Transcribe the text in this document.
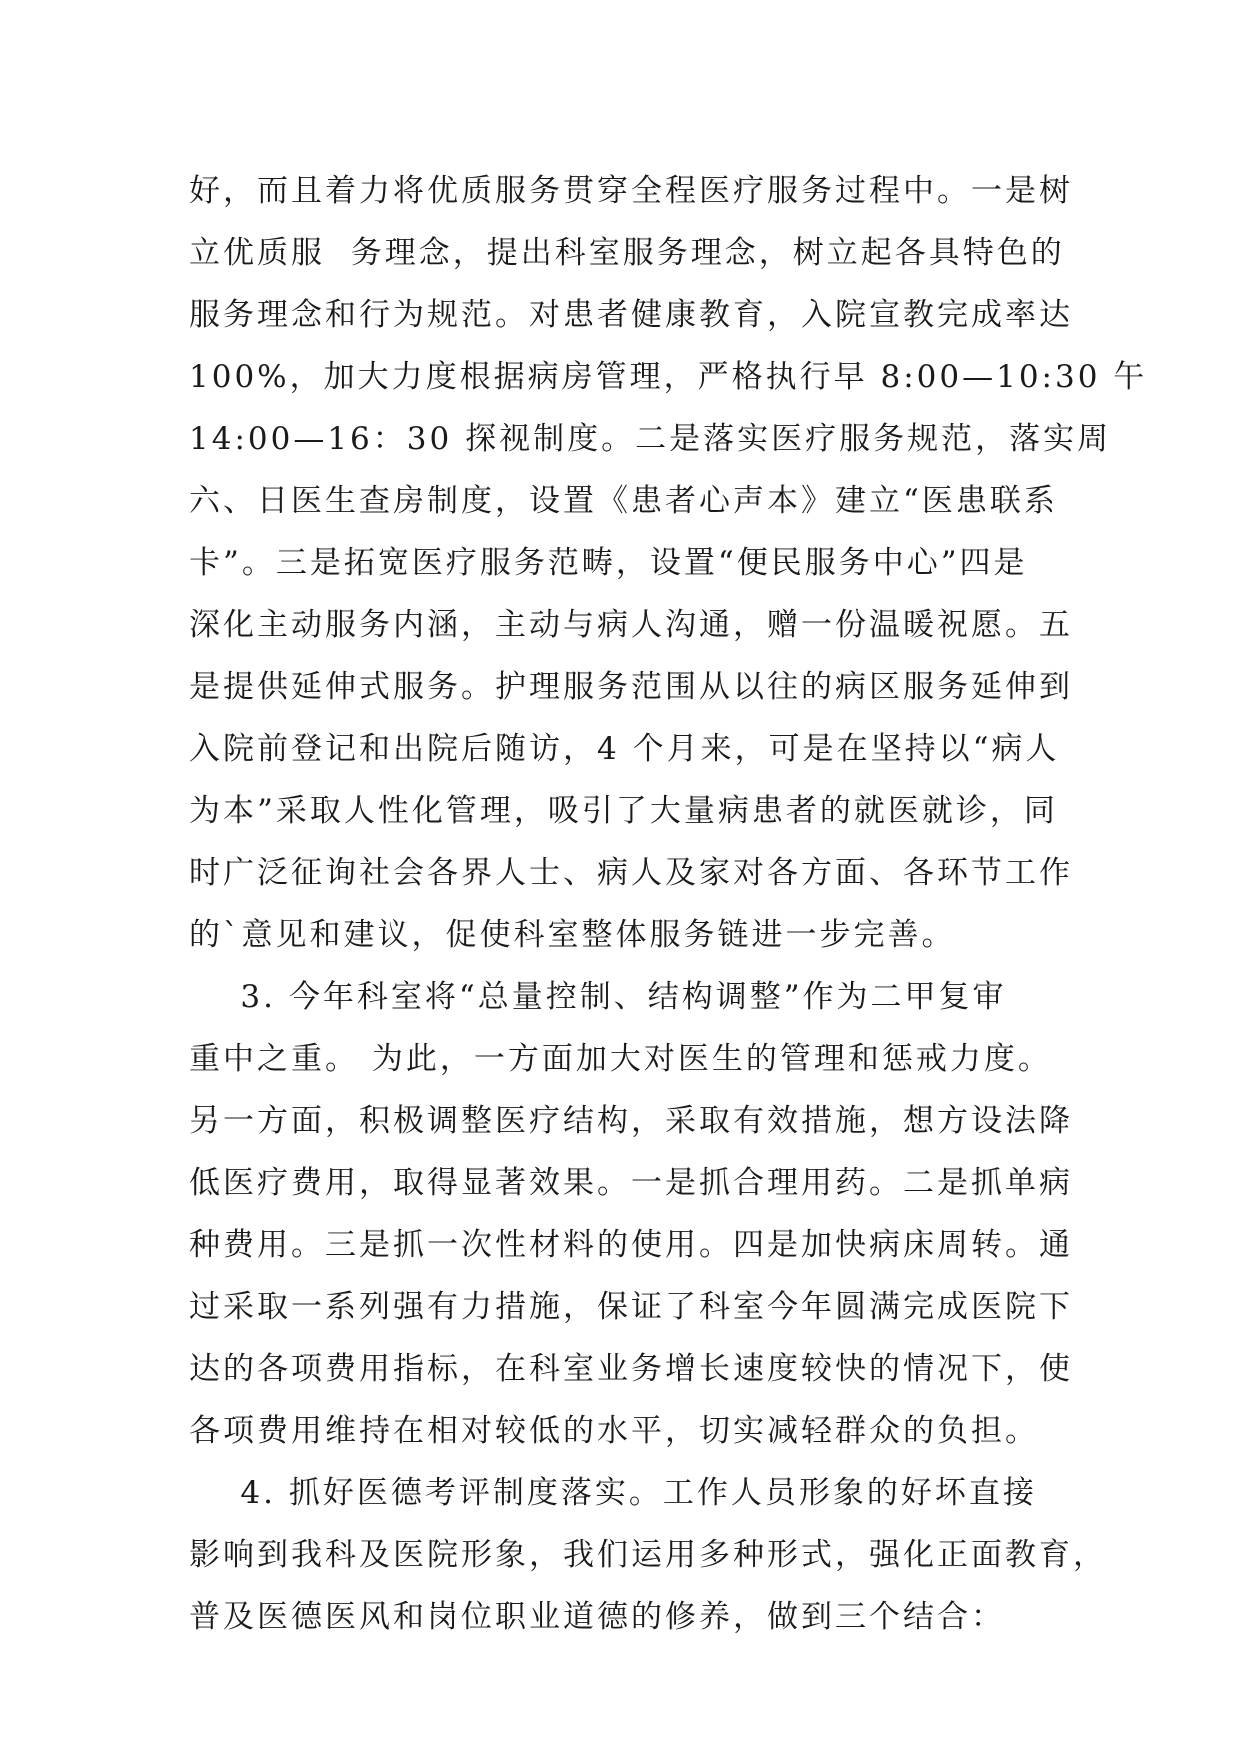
好，而且着力将优质服务贯穿全程医疗服务过程中。一是树
立优质服  务理念，提出科室服务理念，树立起各具特色的
服务理念和行为规范。对患者健康教育，入院宣教完成率达
100%，加大力度根据病房管理，严格执行早 8:00—10:30 午
14:00—16：30 探视制度。二是落实医疗服务规范，落实周
六、日医生查房制度，设置《患者心声本》建立“医患联系
卡”。三是拓宽医疗服务范畴，设置“便民服务中心”四是
深化主动服务内涵，主动与病人沟通，赠一份温暖祝愿。五
是提供延伸式服务。护理服务范围从以往的病区服务延伸到
入院前登记和出院后随访，4 个月来，可是在坚持以“病人
为本”采取人性化管理，吸引了大量病患者的就医就诊，同
时广泛征询社会各界人士、病人及家对各方面、各环节工作
的`意见和建议，促使科室整体服务链进一步完善。
3. 今年科室将“总量控制、结构调整”作为二甲复审
重中之重。 为此，一方面加大对医生的管理和惩戒力度。
另一方面，积极调整医疗结构，采取有效措施，想方设法降
低医疗费用，取得显著效果。一是抓合理用药。二是抓单病
种费用。三是抓一次性材料的使用。四是加快病床周转。通
过采取一系列强有力措施，保证了科室今年圆满完成医院下
达的各项费用指标，在科室业务增长速度较快的情况下，使
各项费用维持在相对较低的水平，切实减轻群众的负担。
4. 抓好医德考评制度落实。工作人员形象的好坏直接
影响到我科及医院形象，我们运用多种形式，强化正面教育，
普及医德医风和岗位职业道德的修养，做到三个结合：
